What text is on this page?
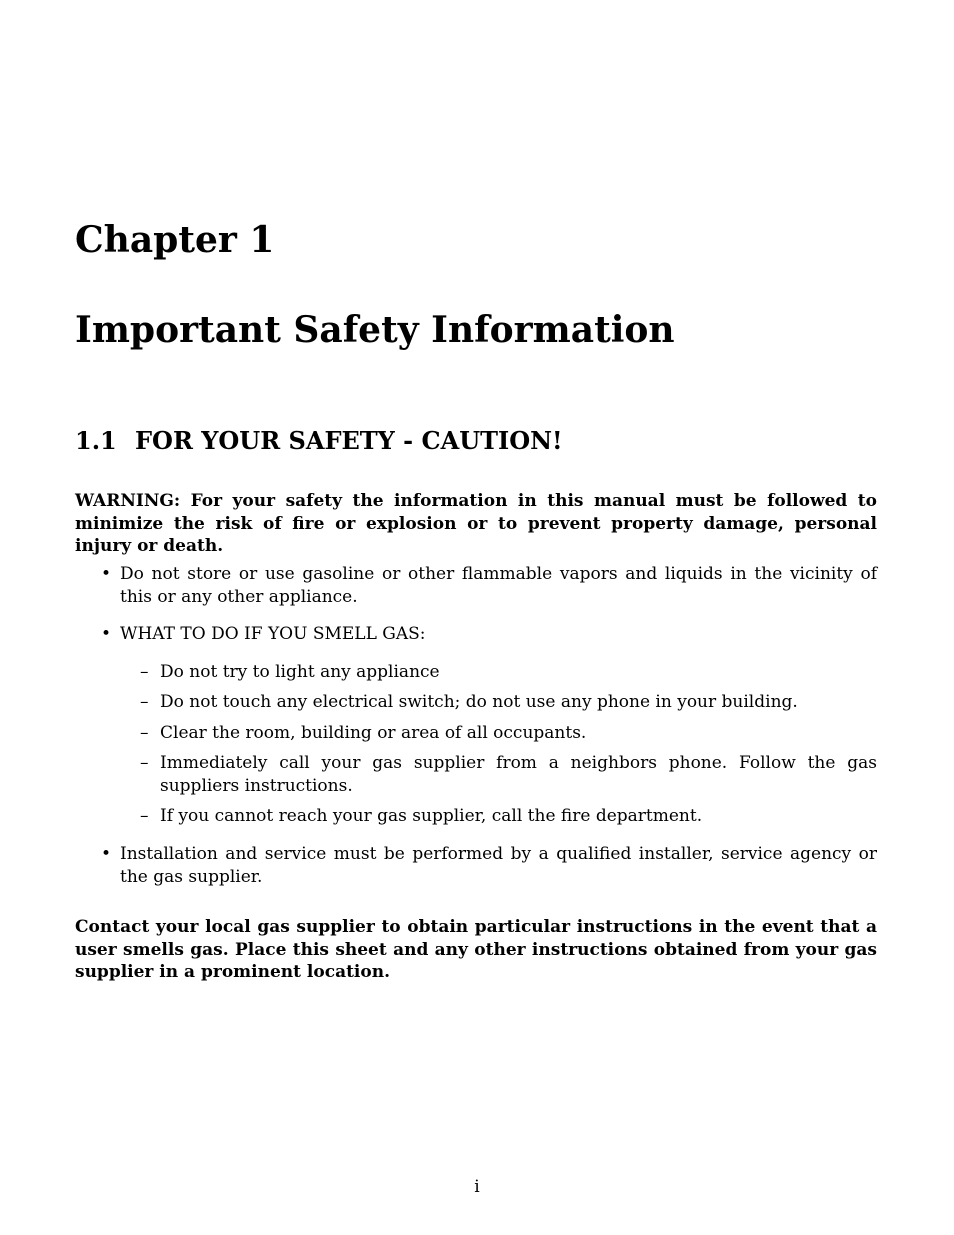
Chapter 1
Important Safety Information
1.1 FOR YOUR SAFETY - CAUTION!

WARNING: For your safety the information in this manual must be followed to minimize the risk of fire or explosion or to prevent property damage, personal injury or death.

• Do not store or use gasoline or other flammable vapors and liquids in the vicinity of this or any other appliance.
• WHAT TO DO IF YOU SMELL GAS:
– Do not try to light any appliance
– Do not touch any electrical switch; do not use any phone in your building.
– Clear the room, building or area of all occupants.
– Immediately call your gas supplier from a neighbors phone. Follow the gas suppliers instructions.
– If you cannot reach your gas supplier, call the fire department.
• Installation and service must be performed by a qualified installer, service agency or the gas supplier.

Contact your local gas supplier to obtain particular instructions in the event that a user smells gas. Place this sheet and any other instructions obtained from your gas supplier in a prominent location.

i
